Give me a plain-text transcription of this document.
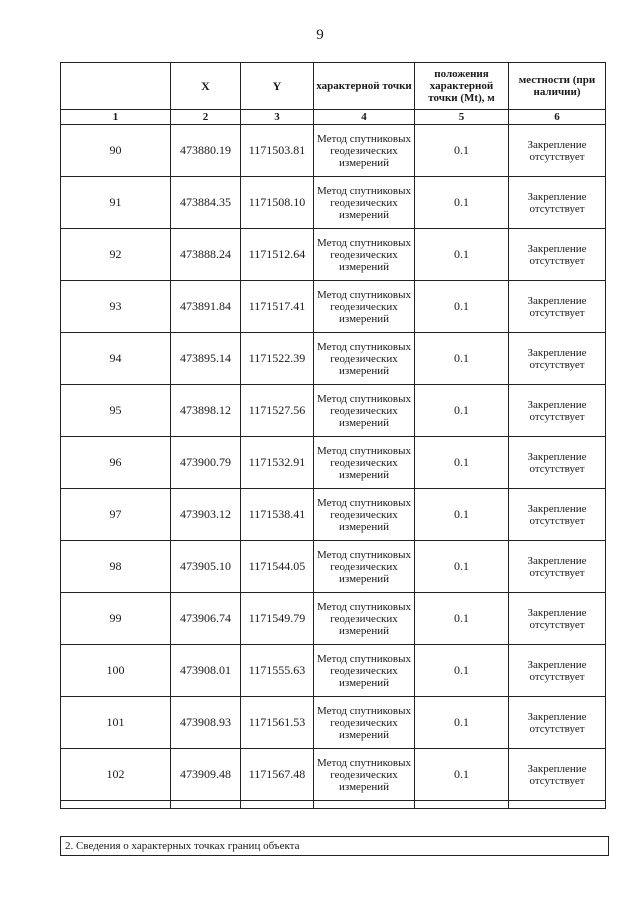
9
	X	Y	характерной точки	положения характерной точки (Mt), м	местности (при наличии)
1	2	3	4	5	6
90	473880.19	1171503.81	Метод спутниковых геодезических измерений	0.1	Закрепление отсутствует
91	473884.35	1171508.10	Метод спутниковых геодезических измерений	0.1	Закрепление отсутствует
92	473888.24	1171512.64	Метод спутниковых геодезических измерений	0.1	Закрепление отсутствует
93	473891.84	1171517.41	Метод спутниковых геодезических измерений	0.1	Закрепление отсутствует
94	473895.14	1171522.39	Метод спутниковых геодезических измерений	0.1	Закрепление отсутствует
95	473898.12	1171527.56	Метод спутниковых геодезических измерений	0.1	Закрепление отсутствует
96	473900.79	1171532.91	Метод спутниковых геодезических измерений	0.1	Закрепление отсутствует
97	473903.12	1171538.41	Метод спутниковых геодезических измерений	0.1	Закрепление отсутствует
98	473905.10	1171544.05	Метод спутниковых геодезических измерений	0.1	Закрепление отсутствует
99	473906.74	1171549.79	Метод спутниковых геодезических измерений	0.1	Закрепление отсутствует
100	473908.01	1171555.63	Метод спутниковых геодезических измерений	0.1	Закрепление отсутствует
101	473908.93	1171561.53	Метод спутниковых геодезических измерений	0.1	Закрепление отсутствует
102	473909.48	1171567.48	Метод спутниковых геодезических измерений	0.1	Закрепление отсутствует

2. Сведения о характерных точках границ объекта
